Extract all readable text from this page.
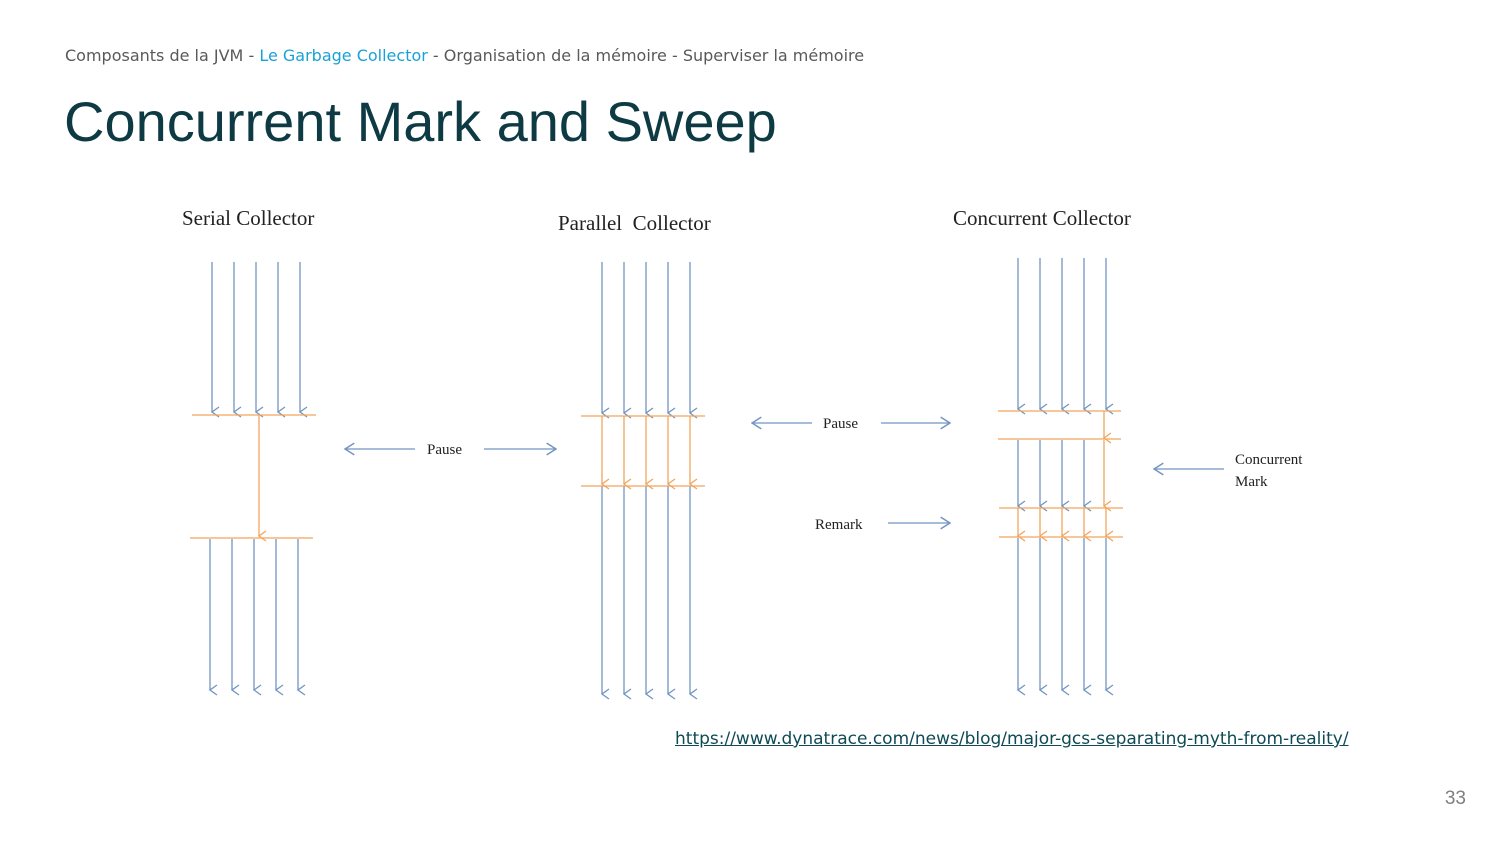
Composants de la JVM - Le Garbage Collector - Organisation de la mémoire - Superviser la mémoire
Concurrent Mark and Sweep
Serial Collector	Parallel  Collector	Concurrent Collector
Pause
Pause
Remark
Concurrent
Mark
https://www.dynatrace.com/news/blog/major-gcs-separating-myth-from-reality/
33
